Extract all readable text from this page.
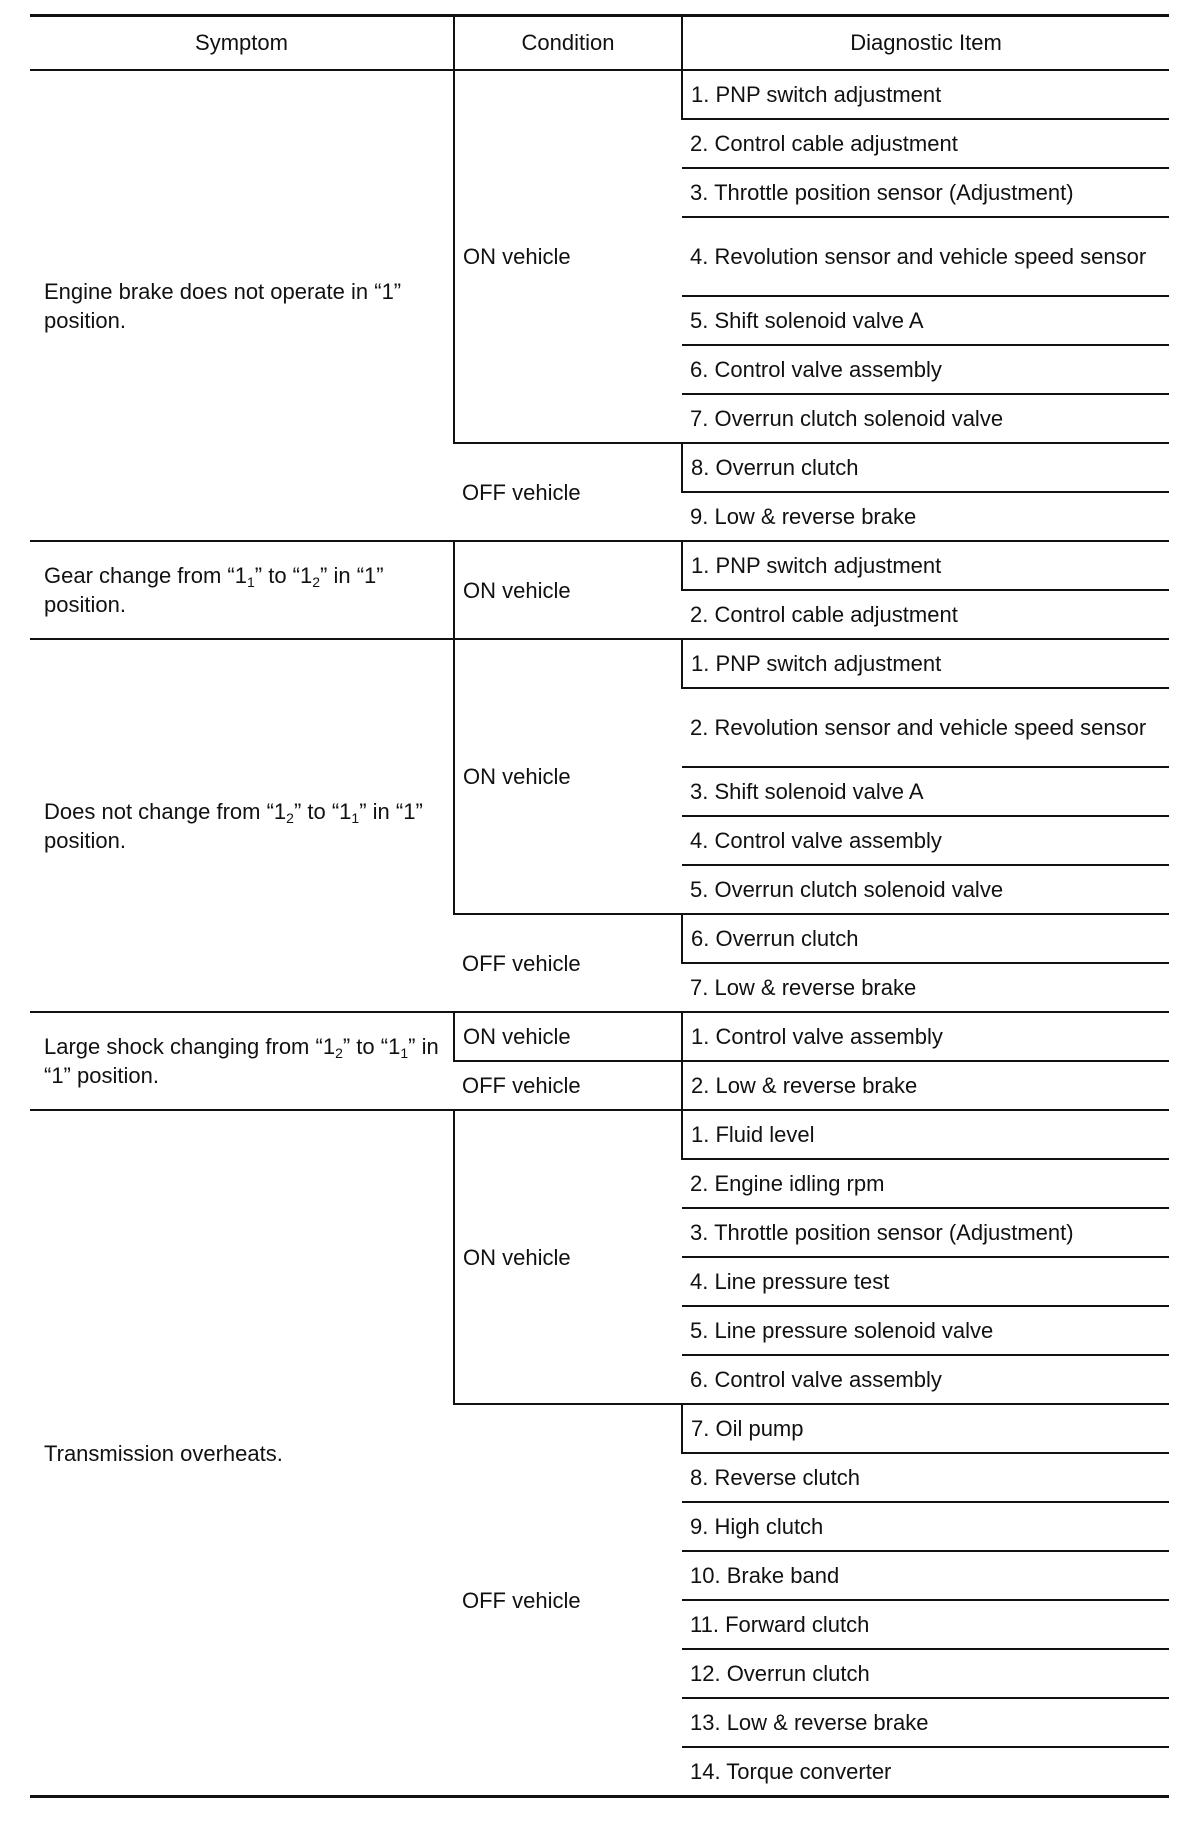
Symptom	Condition	Diagnostic Item
Engine brake does not operate in “1” position.	ON vehicle	1. PNP switch adjustment
		2. Control cable adjustment
		3. Throttle position sensor (Adjustment)
		4. Revolution sensor and vehicle speed sensor
		5. Shift solenoid valve A
		6. Control valve assembly
		7. Overrun clutch solenoid valve
	OFF vehicle	8. Overrun clutch
		9. Low & reverse brake
Gear change from “$1_1$” to “$1_2$” in “1” position.	ON vehicle	1. PNP switch adjustment
		2. Control cable adjustment
Does not change from “$1_2$” to “$1_1$” in “1” position.	ON vehicle	1. PNP switch adjustment
		2. Revolution sensor and vehicle speed sensor
		3. Shift solenoid valve A
		4. Control valve assembly
		5. Overrun clutch solenoid valve
	OFF vehicle	6. Overrun clutch
		7. Low & reverse brake
Large shock changing from “$1_2$” to “$1_1$” in “1” position.	ON vehicle	1. Control valve assembly
	OFF vehicle	2. Low & reverse brake
Transmission overheats.	ON vehicle	1. Fluid level
		2. Engine idling rpm
		3. Throttle position sensor (Adjustment)
		4. Line pressure test
		5. Line pressure solenoid valve
		6. Control valve assembly
	OFF vehicle	7. Oil pump
		8. Reverse clutch
		9. High clutch
		10. Brake band
		11. Forward clutch
		12. Overrun clutch
		13. Low & reverse brake
		14. Torque converter
